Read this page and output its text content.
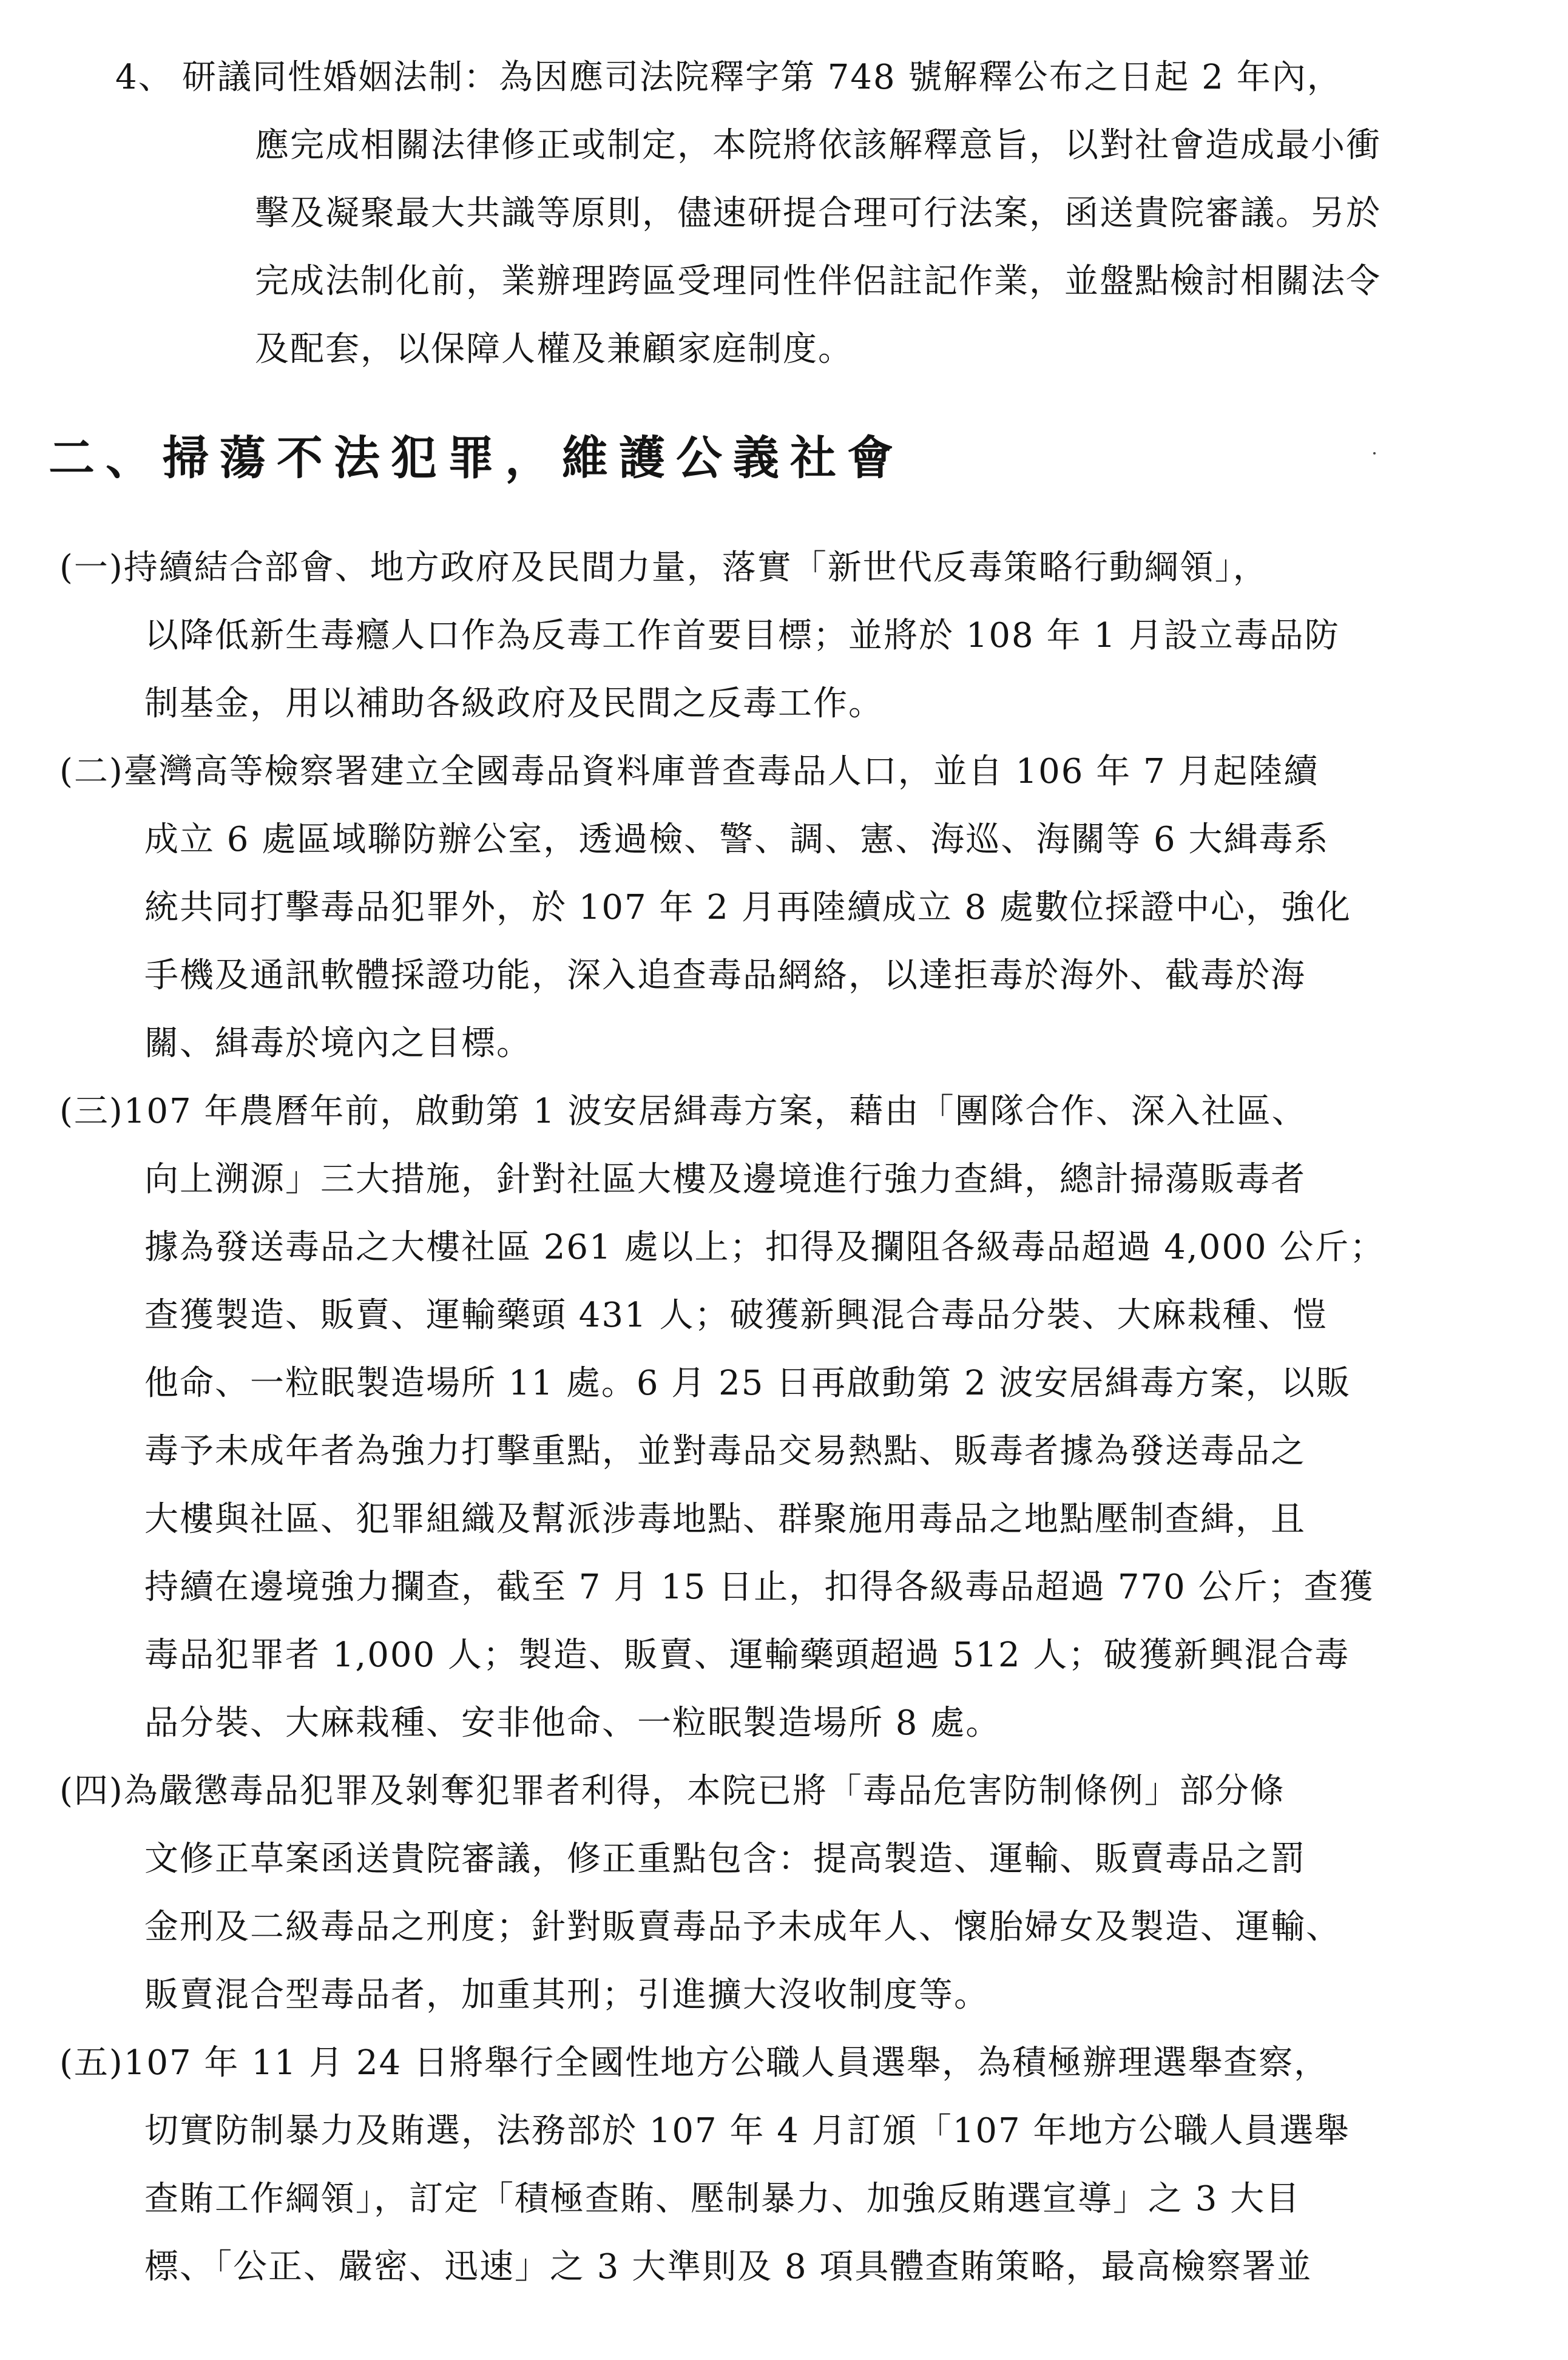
4、 研議同性婚姻法制：為因應司法院釋字第 748 號解釋公布之日起 2 年內，
應完成相關法律修正或制定，本院將依該解釋意旨，以對社會造成最小衝
擊及凝聚最大共識等原則，儘速研提合理可行法案，函送貴院審議。另於
完成法制化前，業辦理跨區受理同性伴侶註記作業，並盤點檢討相關法令
及配套，以保障人權及兼顧家庭制度。
二、掃蕩不法犯罪，維護公義社會
(一)持續結合部會、地方政府及民間力量，落實「新世代反毒策略行動綱領」，
以降低新生毒癮人口作為反毒工作首要目標；並將於 108 年 1 月設立毒品防
制基金，用以補助各級政府及民間之反毒工作。
(二)臺灣高等檢察署建立全國毒品資料庫普查毒品人口，並自 106 年 7 月起陸續
成立 6 處區域聯防辦公室，透過檢、警、調、憲、海巡、海關等 6 大緝毒系
統共同打擊毒品犯罪外，於 107 年 2 月再陸續成立 8 處數位採證中心，強化
手機及通訊軟體採證功能，深入追查毒品網絡，以達拒毒於海外、截毒於海
關、緝毒於境內之目標。
(三)107 年農曆年前，啟動第 1 波安居緝毒方案，藉由「團隊合作、深入社區、
向上溯源」三大措施，針對社區大樓及邊境進行強力查緝，總計掃蕩販毒者
據為發送毒品之大樓社區 261 處以上；扣得及攔阻各級毒品超過 4,000 公斤；
查獲製造、販賣、運輸藥頭 431 人；破獲新興混合毒品分裝、大麻栽種、愷
他命、一粒眠製造場所 11 處。6 月 25 日再啟動第 2 波安居緝毒方案，以販
毒予未成年者為強力打擊重點，並對毒品交易熱點、販毒者據為發送毒品之
大樓與社區、犯罪組織及幫派涉毒地點、群聚施用毒品之地點壓制查緝，且
持續在邊境強力攔查，截至 7 月 15 日止，扣得各級毒品超過 770 公斤；查獲
毒品犯罪者 1,000 人；製造、販賣、運輸藥頭超過 512 人；破獲新興混合毒
品分裝、大麻栽種、安非他命、一粒眠製造場所 8 處。
(四)為嚴懲毒品犯罪及剝奪犯罪者利得，本院已將「毒品危害防制條例」部分條
文修正草案函送貴院審議，修正重點包含：提高製造、運輸、販賣毒品之罰
金刑及二級毒品之刑度；針對販賣毒品予未成年人、懷胎婦女及製造、運輸、
販賣混合型毒品者，加重其刑；引進擴大沒收制度等。
(五)107 年 11 月 24 日將舉行全國性地方公職人員選舉，為積極辦理選舉查察，
切實防制暴力及賄選，法務部於 107 年 4 月訂頒「107 年地方公職人員選舉
查賄工作綱領」，訂定「積極查賄、壓制暴力、加強反賄選宣導」之 3 大目
標、「公正、嚴密、迅速」之 3 大準則及 8 項具體查賄策略，最高檢察署並
